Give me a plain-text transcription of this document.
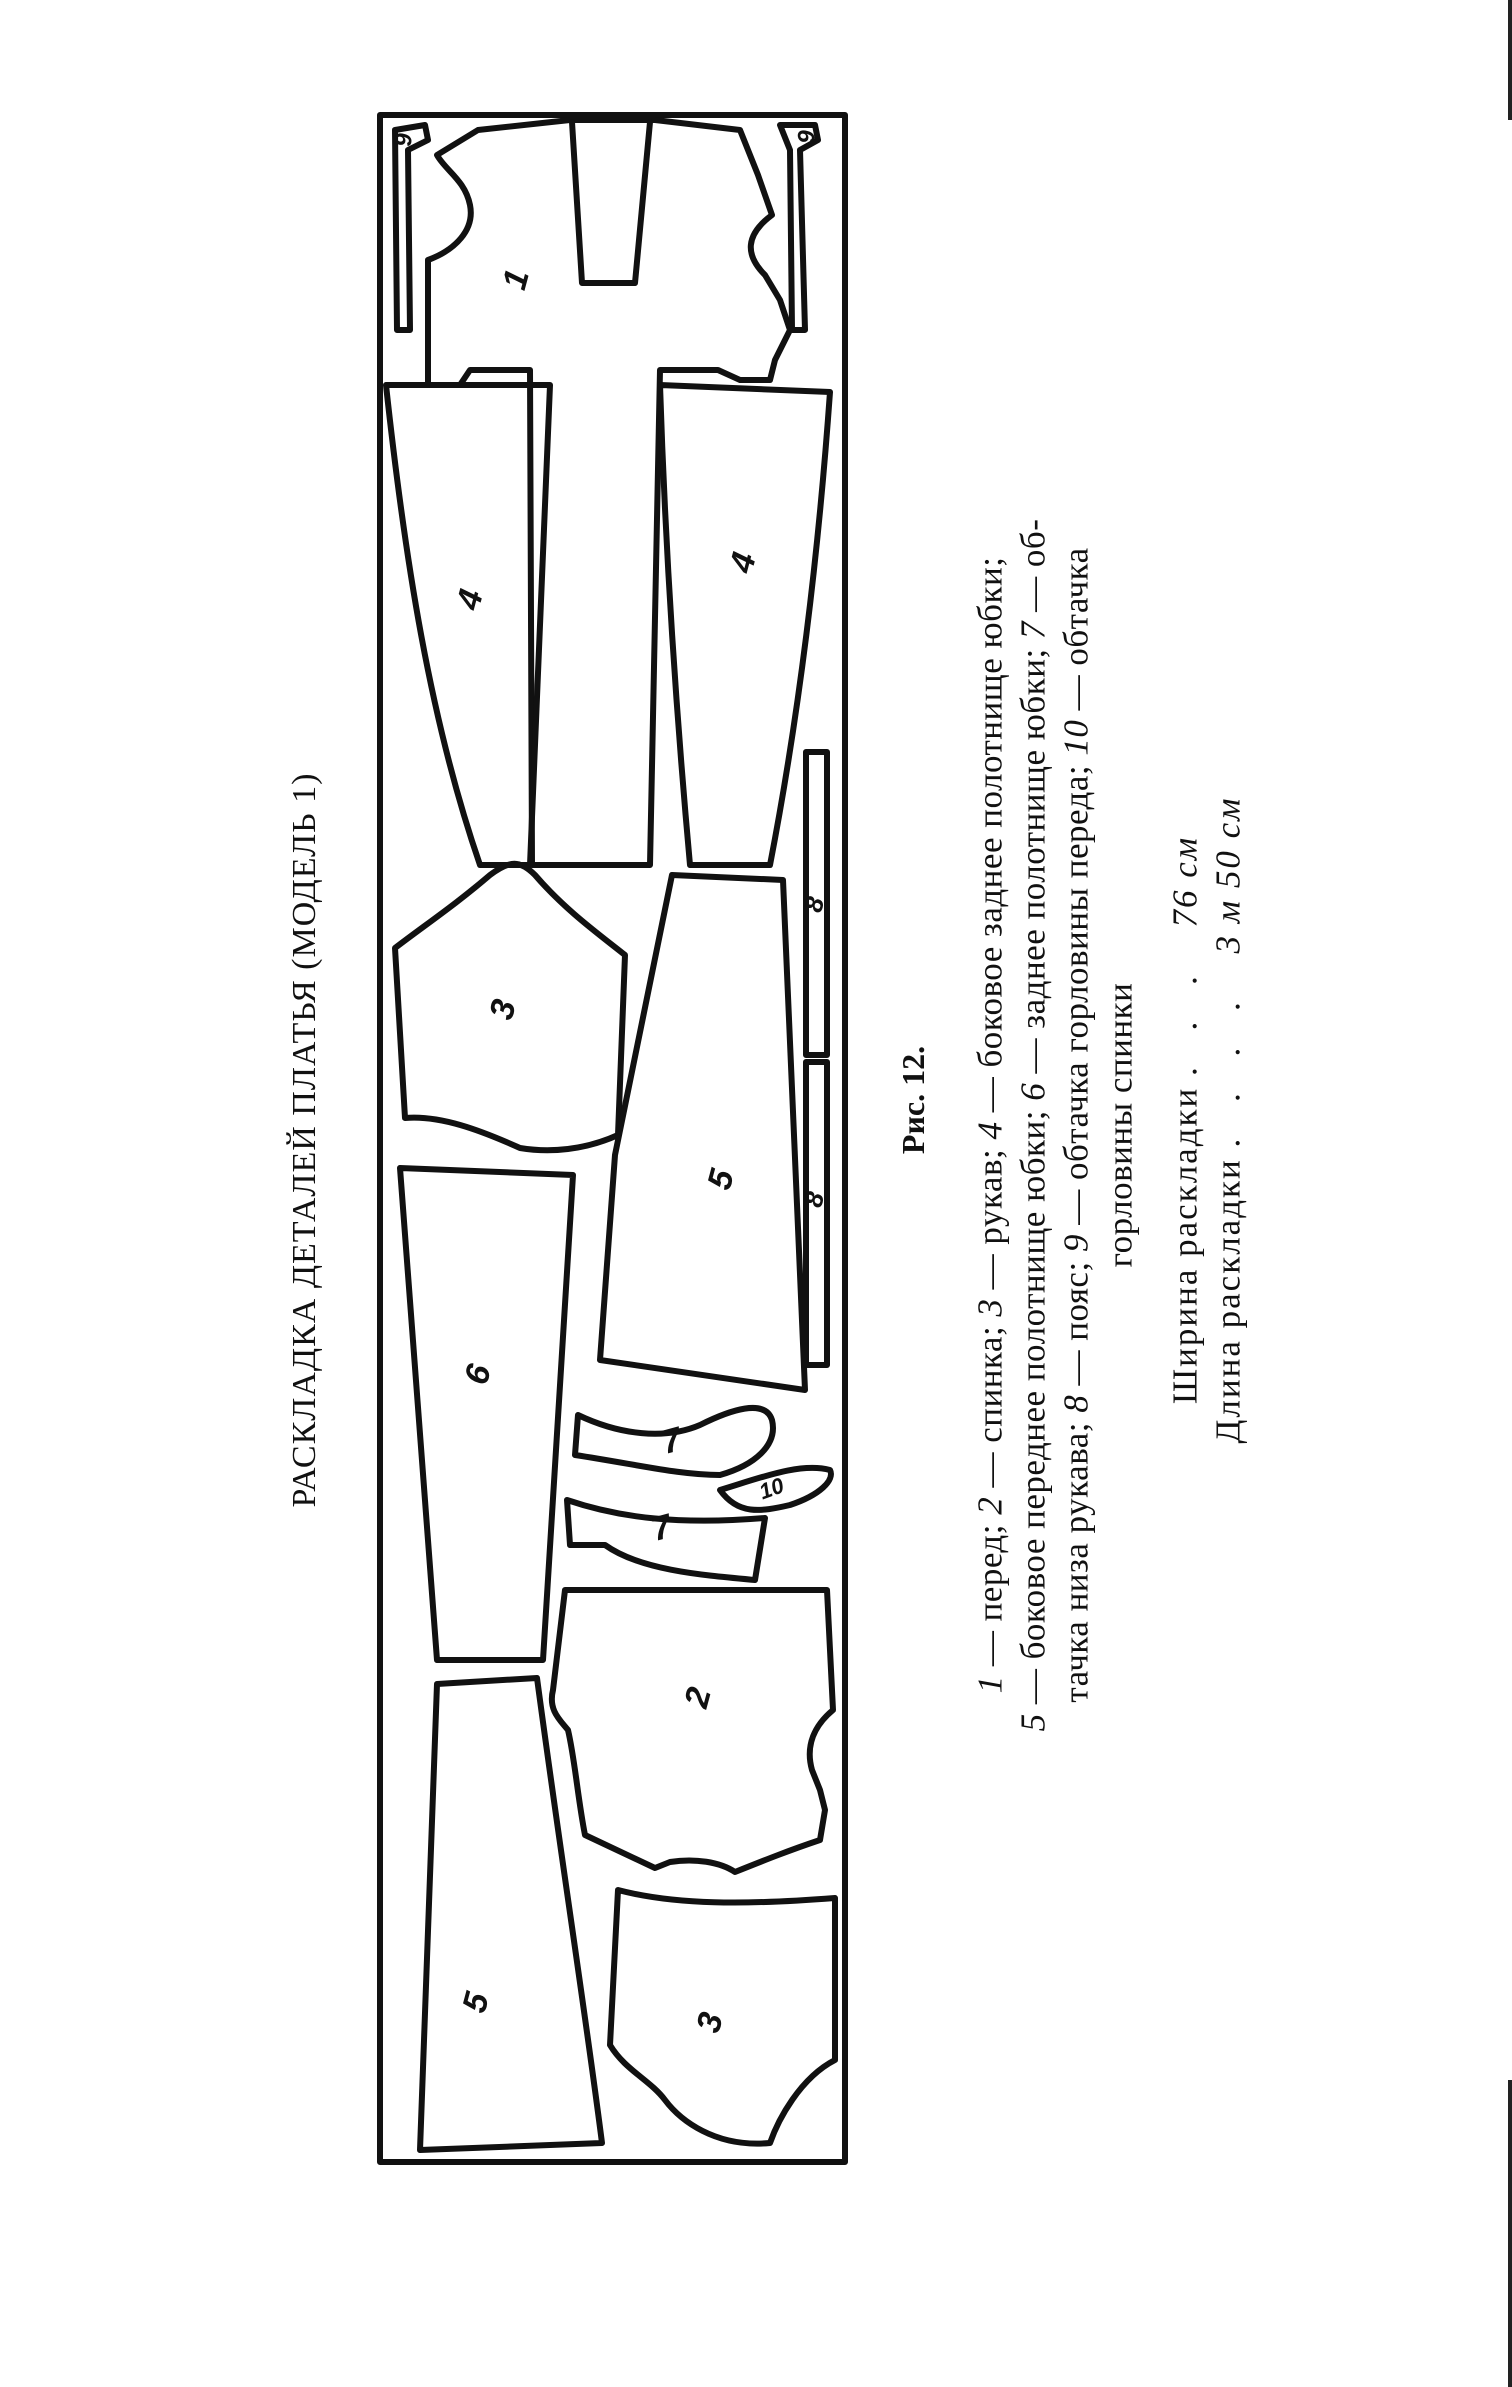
1
4
4
3
5
8
8
6
7
7
10
2
5
3
9	9
РАСКЛАДКА ДЕТАЛЕЙ ПЛАТЬЯ (МОДЕЛЬ 1)	Рис. 12.
1 — перед; 2 — спинка; 3 — рукав; 4 — боковое заднее полотнище юбки;
5 — боковое переднее полотнище юбки; 6 — заднее полотнище юбки; 7 — об-
тачка низа рукава; 8 — пояс; 9 — обтачка горловины переда; 10 — обтачка
горловины спинки Ширина раскладки . . . 76 см
Длина раскладки . . . . 3 м 50 см
